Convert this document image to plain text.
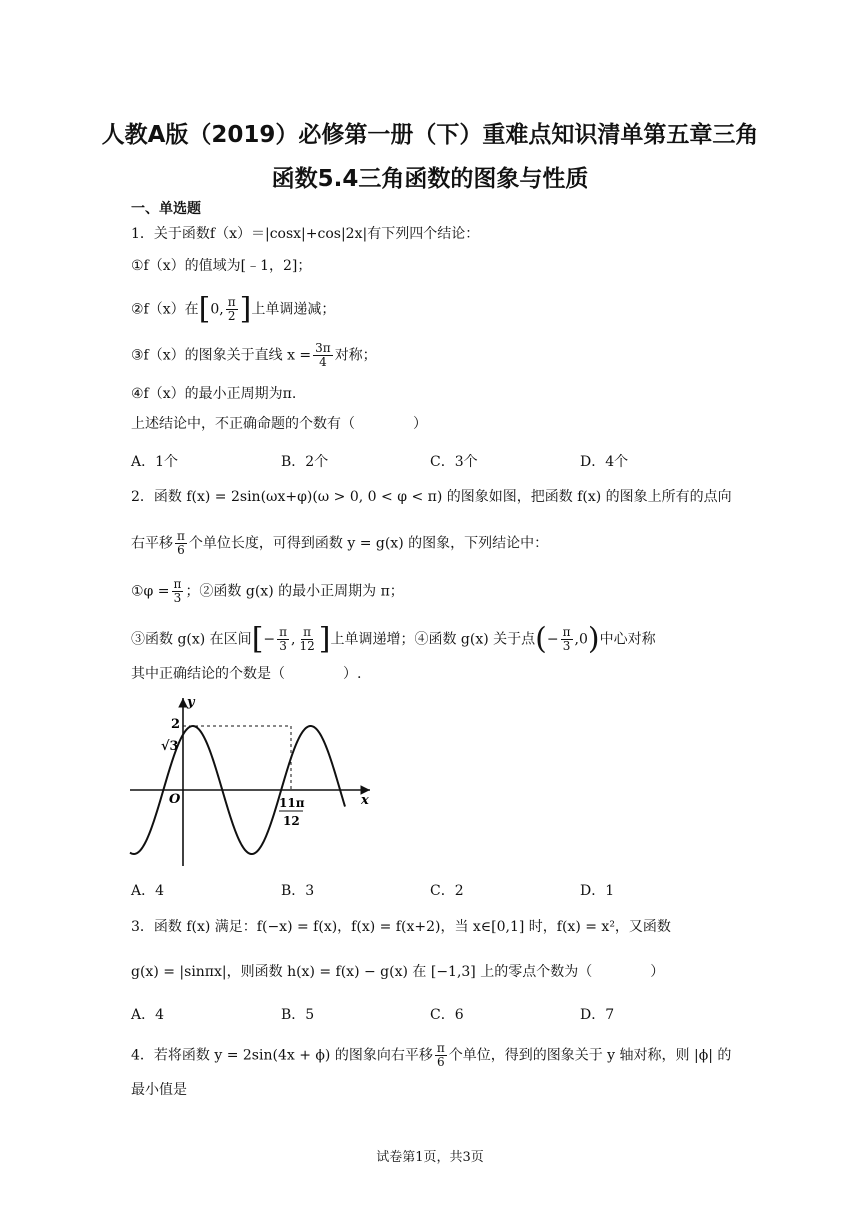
人教A版（2019）必修第一册（下）重难点知识清单第五章三角
函数5.4三角函数的图象与性质
一、单选题
1．关于函数f（x）＝|cosx|+cos|2x|有下列四个结论：
①f（x）的值域为[﹣1，2]；
②f（x）在[0, $\frac{\pi}{2}$ ]上单调递减；
③f（x）的图象关于直线 $x = \frac{3\pi}{4}$ 对称；
④f（x）的最小正周期为π.
上述结论中，不正确命题的个数有（	）
A．1个	B．2个	C．3个	D．4个
2．函数 f(x) = 2sin(ωx+φ)(ω > 0, 0 < φ < π) 的图象如图，把函数 f(x) 的图象上所有的点向
右平移 $\frac{\pi}{6}$ 个单位长度，可得到函数 y = g(x) 的图象，下列结论中：
①φ = $\frac{\pi}{3}$ ；②函数 g(x) 的最小正周期为 π；
③函数 g(x) 在区间[− $\frac{\pi}{3}$ , $\frac{\pi}{12}$ ]上单调递增；④函数 g(x) 关于点(− $\frac{\pi}{3} ,0$)中心对称
其中正确结论的个数是（	）.
y
x
O
2
√3
11π
12
A．4	B．3	C．2	D．1
3．函数 f(x) 满足：f(−x) = f(x)，f(x) = f(x+2)，当 x∈[0,1] 时，f(x) = x²，又函数
g(x) = |sinπx|，则函数 h(x) = f(x) − g(x) 在 [−1,3] 上的零点个数为（	）
A．4	B．5	C．6	D．7
4．若将函数 y = 2sin(4x + ϕ) 的图象向右平移 $\frac{\pi}{6}$ 个单位，得到的图象关于 y 轴对称，则 |ϕ| 的
最小值是
试卷第1页，共3页
